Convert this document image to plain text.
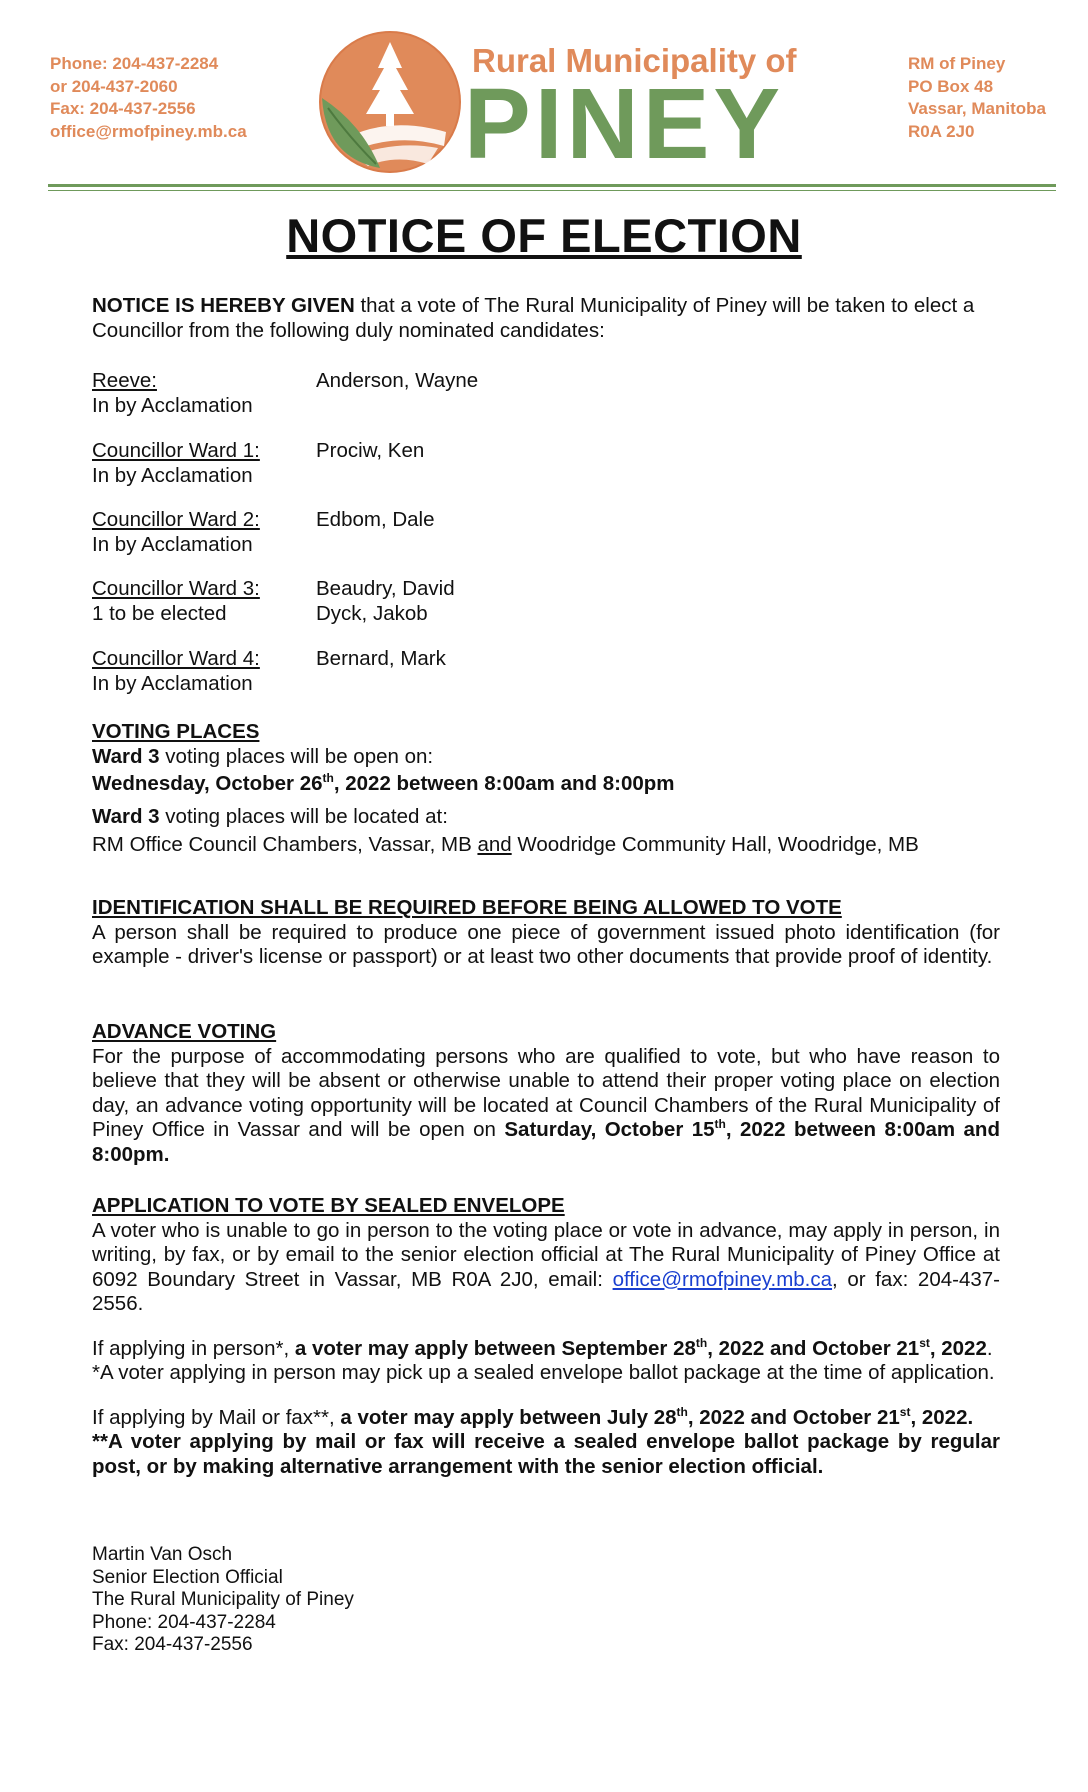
Phone: 204-437-2284
or 204-437-2060
Fax: 204-437-2556
office@rmofpiney.mb.ca
Rural Municipality of
PINEY
RM of Piney
PO Box 48
Vassar, Manitoba
R0A 2J0
NOTICE OF ELECTION
NOTICE IS HEREBY GIVEN that a vote of The Rural Municipality of Piney will be taken to elect a Councillor from the following duly nominated candidates:
Reeve:
In by Acclamation
Anderson, Wayne
Councillor Ward 1:
In by Acclamation
Prociw, Ken
Councillor Ward 2:
In by Acclamation
Edbom, Dale
Councillor Ward 3:
1 to be elected
Beaudry, David
Dyck, Jakob
Councillor Ward 4:
In by Acclamation
Bernard, Mark
VOTING PLACES
Ward 3 voting places will be open on:
Wednesday, October 26th, 2022 between 8:00am and 8:00pm
Ward 3 voting places will be located at:
RM Office Council Chambers, Vassar, MB and Woodridge Community Hall, Woodridge, MB
IDENTIFICATION SHALL BE REQUIRED BEFORE BEING ALLOWED TO VOTE
A person shall be required to produce one piece of government issued photo identification (for example - driver's license or passport) or at least two other documents that provide proof of identity.
ADVANCE VOTING
For the purpose of accommodating persons who are qualified to vote, but who have reason to believe that they will be absent or otherwise unable to attend their proper voting place on election day, an advance voting opportunity will be located at Council Chambers of the Rural Municipality of Piney Office in Vassar and will be open on Saturday, October 15th, 2022 between 8:00am and 8:00pm.
APPLICATION TO VOTE BY SEALED ENVELOPE
A voter who is unable to go in person to the voting place or vote in advance, may apply in person, in writing, by fax, or by email to the senior election official at The Rural Municipality of Piney Office at 6092 Boundary Street in Vassar, MB R0A 2J0, email: office@rmofpiney.mb.ca, or fax: 204-437-2556.
If applying in person*, a voter may apply between September 28th, 2022 and October 21st, 2022.
*A voter applying in person may pick up a sealed envelope ballot package at the time of application.
If applying by Mail or fax**, a voter may apply between July 28th, 2022 and October 21st, 2022.
**A voter applying by mail or fax will receive a sealed envelope ballot package by regular post, or by making alternative arrangement with the senior election official.
Martin Van Osch
Senior Election Official
The Rural Municipality of Piney
Phone: 204-437-2284
Fax: 204-437-2556
